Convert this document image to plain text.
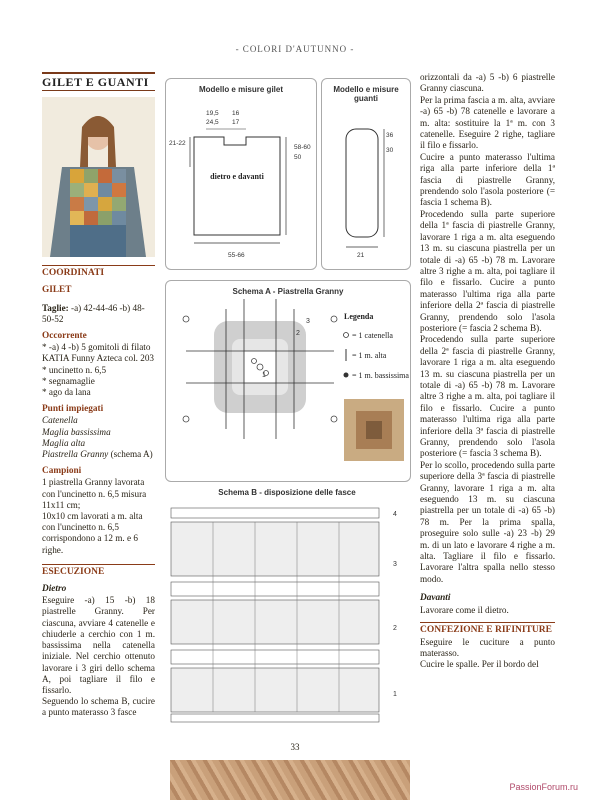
- COLORI D'AUTUNNO -
GILET E GUANTI
COORDINATI
GILET

Taglie: -a) 42-44-46 -b) 48-50-52

Occorrente

* -a) 4 -b) 5 gomitoli di filato KATIA Funny Azteca col. 203

* uncinetto n. 6,5

* segnamaglie

* ago da lana

Punti impiegati

Catenella

Maglia bassissima

Maglia alta

Piastrella Granny (schema A)

Campioni

1 piastrella Granny lavorata con l'uncinetto n. 6,5 misura 11x11 cm;

10x10 cm lavorati a m. alta con l'uncinetto n. 6,5 corrispondono a 12 m. e 6 righe.

ESECUZIONE
Dietro

Eseguire -a) 15 -b) 18 piastrelle Granny. Per ciascuna, avviare 4 catenelle e chiuderle a cerchio con 1 m. bassissima nella catenella iniziale. Nel cerchio ottenuto lavorare i 3 giri dello schema A, poi tagliare il filo e fissarlo.

Seguendo lo schema B, cucire a punto materasso 3 fasce

Modello e misure gilet
19,5 16
24,5 17
21-22
58-60
50
55-66
dietro e davanti
Modello e misure guanti
36
30
21
Schema A - Piastrella Granny
1
2
3
Legenda
= 1 catenella
= 1 m. alta
= 1 m. bassissima
Schema B - disposizione delle fasce
4
3
2
1

orizzontali da -a) 5 -b) 6 piastrelle Granny ciascuna.

Per la prima fascia a m. alta, avviare -a) 65 -b) 78 catenelle e lavorare a m. alta: sostituire la 1ª m. con 3 catenelle. Eseguire 2 righe, tagliare il filo e fissarlo.

Cucire a punto materasso l'ultima riga alla parte inferiore della 1ª fascia di piastrelle Granny, prendendo solo l'asola posteriore (= fascia 1 schema B).

Procedendo sulla parte superiore della 1ª fascia di piastrelle Granny, lavorare 1 riga a m. alta eseguendo 13 m. su ciascuna piastrella per un totale di -a) 65 -b) 78 m. Lavorare altre 3 righe a m. alta, poi tagliare il filo e fissarlo. Cucire a punto materasso l'ultima riga alla parte inferiore della 2ª fascia di piastrelle Granny, prendendo solo l'asola posteriore (= fascia 2 schema B).

Procedendo sulla parte superiore della 2ª fascia di piastrelle Granny, lavorare 1 riga a m. alta eseguendo 13 m. su ciascuna piastrella per un totale di -a) 65 -b) 78 m. Lavorare altre 3 righe a m. alta, poi tagliare il filo e fissarlo. Cucire a punto materasso l'ultima riga alla parte inferiore della 3ª fascia di piastrelle Granny, prendendo solo l'asola posteriore (= fascia 3 schema B).

Per lo scollo, procedendo sulla parte superiore della 3ª fascia di piastrelle Granny, lavorare 1 riga a m. alta eseguendo 13 m. su ciascuna piastrella per un totale di -a) 65 -b) 78 m. Per la prima spalla, proseguire solo sulle -a) 23 -b) 29 m. di un lato e lavorare 4 righe a m. alta. Tagliare il filo e fissarlo. Lavorare l'altra spalla nello stesso modo.

Davanti

Lavorare come il dietro.

CONFEZIONE E RIFINITURE

Eseguire le cuciture a punto materasso.

Cucire le spalle. Per il bordo del

33
PassionForum.ru
